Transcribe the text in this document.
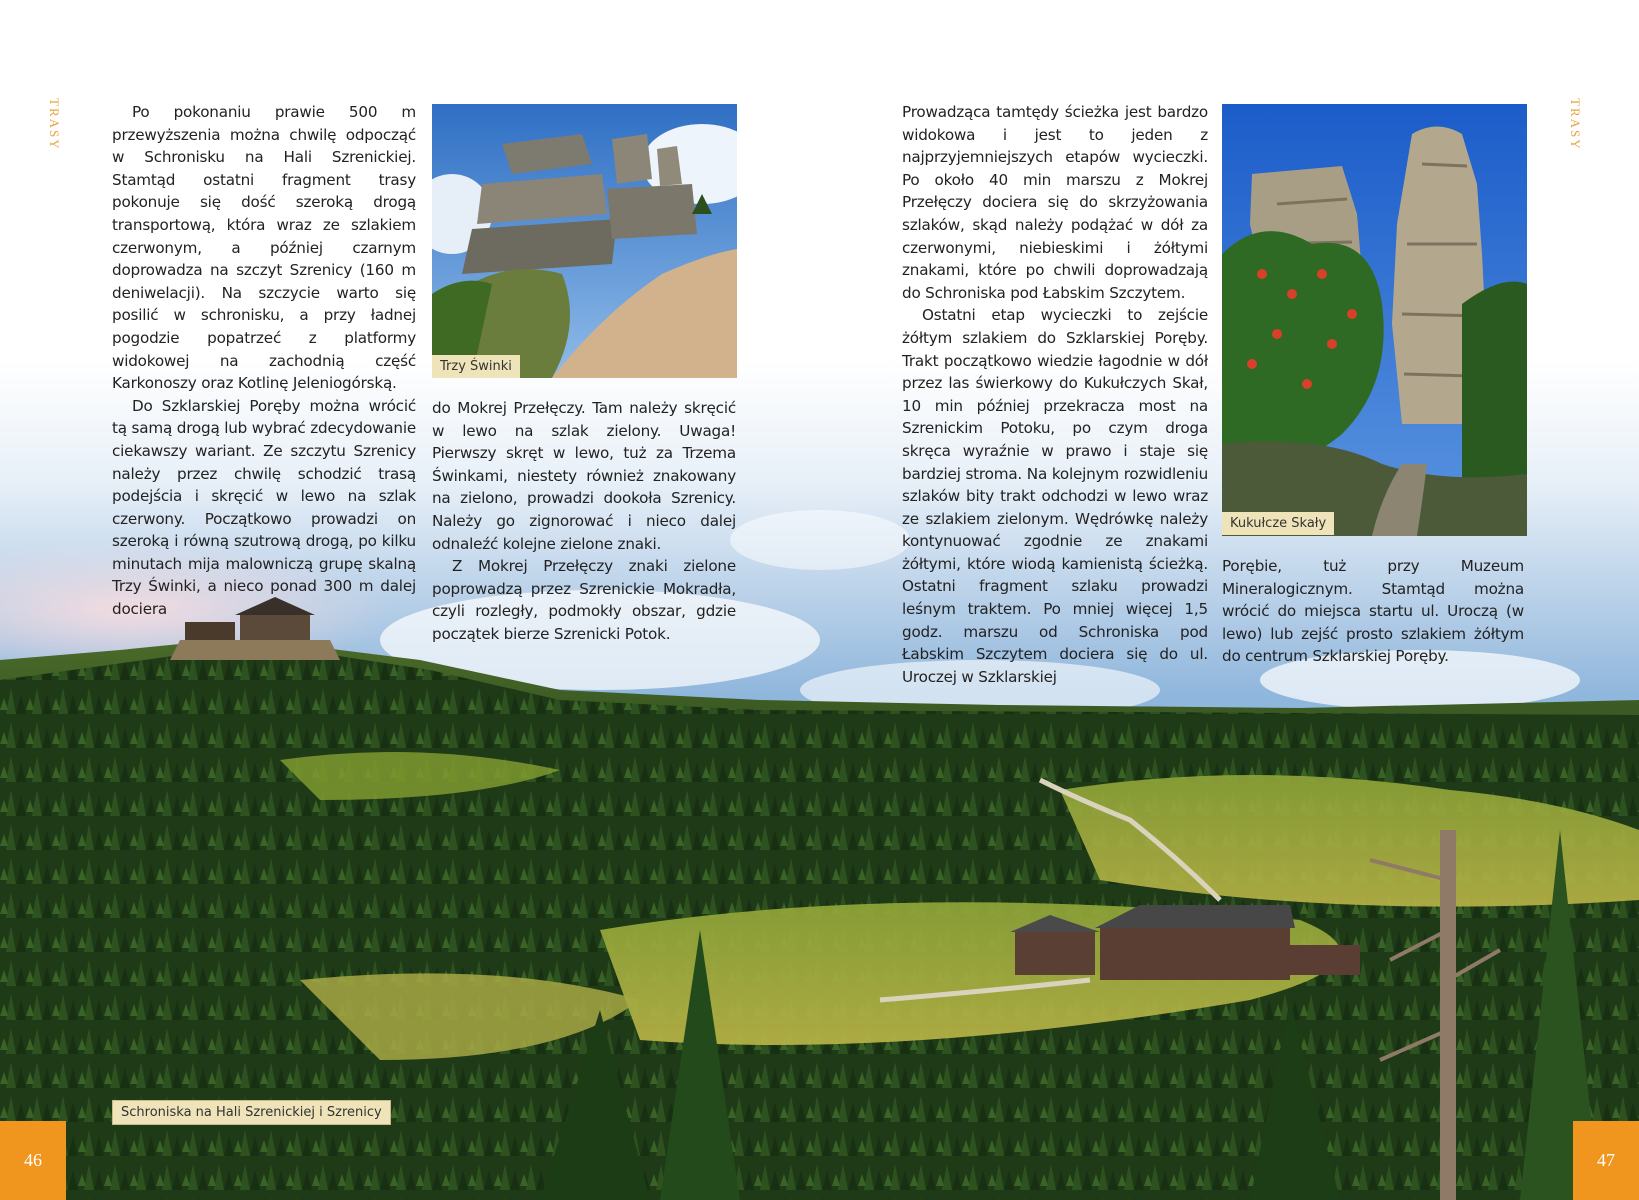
TRASY	TRASY

Po pokonaniu prawie 500 m przewyższenia można chwilę odpocząć w Schronisku na Hali Szrenickiej. Stamtąd ostatni fragment trasy pokonuje się dość szeroką drogą transportową, która wraz ze szlakiem czerwonym, a później czarnym doprowadza na szczyt Szrenicy (160 m deniwelacji). Na szczycie warto się posilić w schronisku, a przy ładnej pogodzie popatrzeć z platformy widokowej na zachodnią część Karkonoszy oraz Kotlinę Jeleniogórską.

Do Szklarskiej Poręby można wrócić tą samą drogą lub wybrać zdecydowanie ciekawszy wariant. Ze szczytu Szrenicy należy przez chwilę schodzić trasą podejścia i skręcić w lewo na szlak czerwony. Początkowo prowadzi on szeroką i równą szutrową drogą, po kilku minutach mija malowniczą grupę skalną Trzy Świnki, a nieco ponad 300 m dalej dociera

do Mokrej Przełęczy. Tam należy skręcić w lewo na szlak zielony. Uwaga! Pierwszy skręt w lewo, tuż za Trzema Świnkami, niestety również znakowany na zielono, prowadzi dookoła Szrenicy. Należy go zignorować i nieco dalej odnaleźć kolejne zielone znaki.

Z Mokrej Przełęczy znaki zielone poprowadzą przez Szrenickie Mokradła, czyli rozległy, podmokły obszar, gdzie początek bierze Szrenicki Potok.

Prowadząca tamtędy ścieżka jest bardzo widokowa i jest to jeden z najprzyjemniejszych etapów wycieczki. Po około 40 min marszu z Mokrej Przełęczy dociera się do skrzyżowania szlaków, skąd należy podążać w dół za czerwonymi, niebieskimi i żółtymi znakami, które po chwili doprowadzają do Schroniska pod Łabskim Szczytem.

Ostatni etap wycieczki to zejście żółtym szlakiem do Szklarskiej Poręby. Trakt początkowo wiedzie łagodnie w dół przez las świerkowy do Kukułczych Skał, 10 min później przekracza most na Szrenickim Potoku, po czym droga skręca wyraźnie w prawo i staje się bardziej stroma. Na kolejnym rozwidleniu szlaków bity trakt odchodzi w lewo wraz ze szlakiem zielonym. Wędrówkę należy kontynuować zgodnie ze znakami żółtymi, które wiodą kamienistą ścieżką. Ostatni fragment szlaku prowadzi leśnym traktem. Po mniej więcej 1,5 godz. marszu od Schroniska pod Łabskim Szczytem dociera się do ul. Uroczej w Szklarskiej

Porębie, tuż przy Muzeum Mineralogicznym. Stamtąd można wrócić do miejsca startu ul. Uroczą (w lewo) lub zejść prosto szlakiem żółtym do centrum Szklarskiej Poręby.

Trzy Świnki
Kukułcze Skały
Schroniska na Hali Szrenickiej i Szrenicy
46	47
